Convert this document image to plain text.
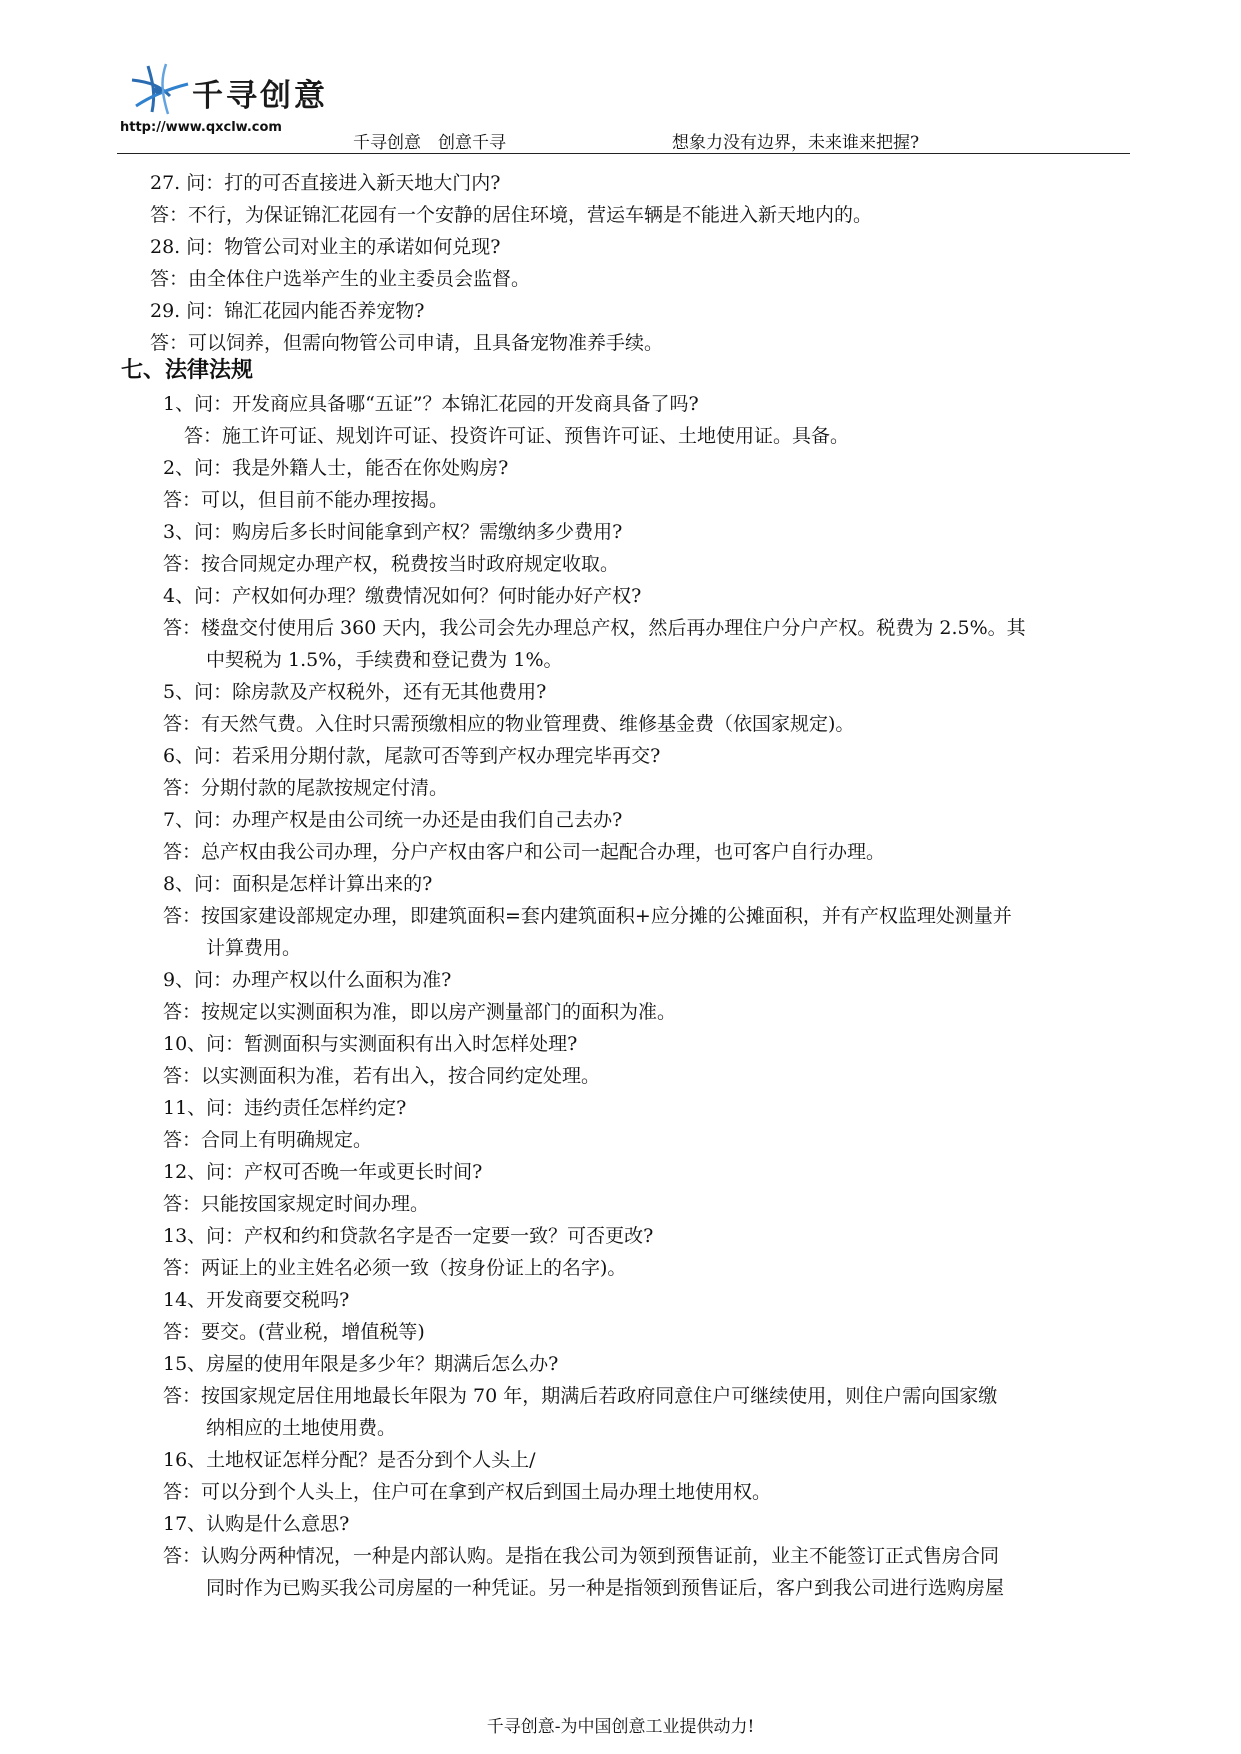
千寻创意
http://www.qxclw.com
千寻创意　创意千寻	想象力没有边界，未来谁来把握?
七、法律法规
27. 问：打的可否直接进入新天地大门内?
答：不行，为保证锦汇花园有一个安静的居住环境，营运车辆是不能进入新天地内的。
28. 问：物管公司对业主的承诺如何兑现?
答：由全体住户选举产生的业主委员会监督。
29. 问：锦汇花园内能否养宠物?
答：可以饲养，但需向物管公司申请，且具备宠物准养手续。
1、问：开发商应具备哪“五证”？本锦汇花园的开发商具备了吗?
答：施工许可证、规划许可证、投资许可证、预售许可证、土地使用证。具备。
2、问：我是外籍人士，能否在你处购房?
答：可以，但目前不能办理按揭。
3、问：购房后多长时间能拿到产权？需缴纳多少费用?
答：按合同规定办理产权，税费按当时政府规定收取。
4、问：产权如何办理？缴费情况如何？何时能办好产权?
答：楼盘交付使用后 360 天内，我公司会先办理总产权，然后再办理住户分户产权。税费为 2.5%。其
中契税为 1.5%，手续费和登记费为 1%。
5、问：除房款及产权税外，还有无其他费用?
答：有天然气费。入住时只需预缴相应的物业管理费、维修基金费（依国家规定)。
6、问：若采用分期付款，尾款可否等到产权办理完毕再交?
答：分期付款的尾款按规定付清。
7、问：办理产权是由公司统一办还是由我们自己去办?
答：总产权由我公司办理，分户产权由客户和公司一起配合办理，也可客户自行办理。
8、问：面积是怎样计算出来的?
答：按国家建设部规定办理，即建筑面积=套内建筑面积+应分摊的公摊面积，并有产权监理处测量并
计算费用。
9、问：办理产权以什么面积为准?
答：按规定以实测面积为准，即以房产测量部门的面积为准。
10、问：暂测面积与实测面积有出入时怎样处理?
答：以实测面积为准，若有出入，按合同约定处理。
11、问：违约责任怎样约定?
答：合同上有明确规定。
12、问：产权可否晚一年或更长时间?
答：只能按国家规定时间办理。
13、问：产权和约和贷款名字是否一定要一致？可否更改?
答：两证上的业主姓名必须一致（按身份证上的名字)。
14、开发商要交税吗?
答：要交。(营业税，增值税等)
15、房屋的使用年限是多少年？期满后怎么办?
答：按国家规定居住用地最长年限为 70 年，期满后若政府同意住户可继续使用，则住户需向国家缴
纳相应的土地使用费。
16、土地权证怎样分配？是否分到个人头上/
答：可以分到个人头上，住户可在拿到产权后到国土局办理土地使用权。
17、认购是什么意思?
答：认购分两种情况，一种是内部认购。是指在我公司为领到预售证前，业主不能签订正式售房合同
同时作为已购买我公司房屋的一种凭证。另一种是指领到预售证后，客户到我公司进行选购房屋
千寻创意-为中国创意工业提供动力!
